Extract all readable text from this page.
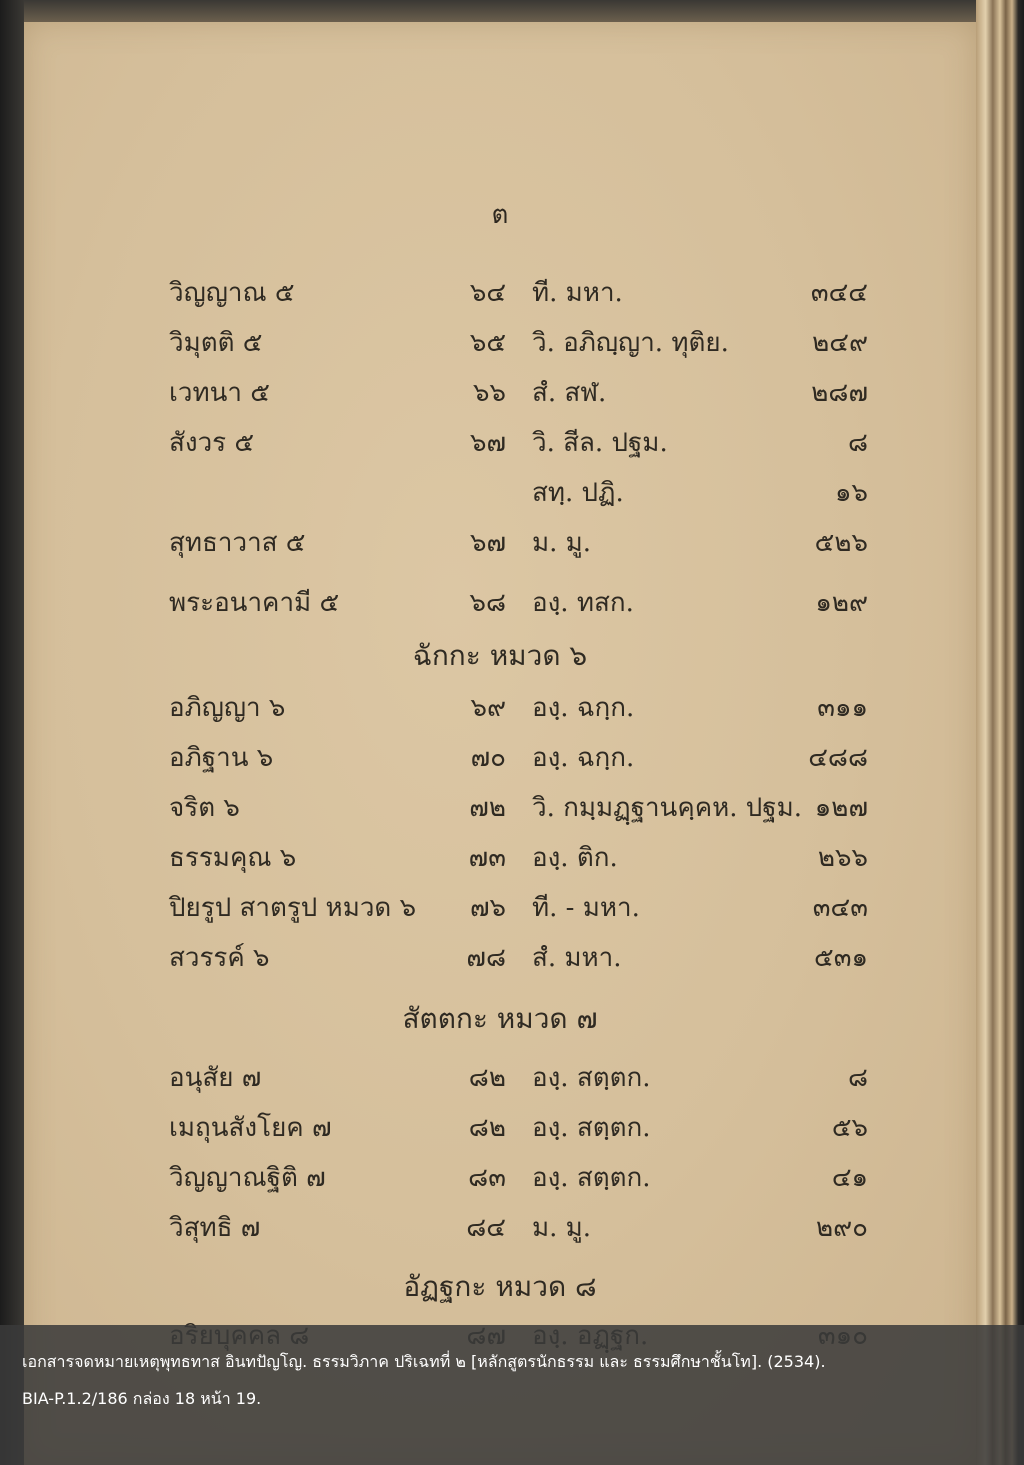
ต
วิญญาณ ๕	๖๔ ที. มหา.	๓๔๔
วิมุตติ ๕	๖๕ วิ. อภิญฺญา. ทุติย.	๒๔๙
เวทนา ๕	๖๖ สํ. สฬ.	๒๘๗
สังวร ๕	๖๗ วิ. สีล. ปฐม.	๘
สทฺ. ปฏิ.	๑๖
สุทธาวาส ๕	๖๗ ม. มู.	๕๒๖
พระอนาคามี ๕	๖๘ องฺ. ทสก.	๑๒๙
ฉักกะ หมวด ๖
อภิญญา ๖	๖๙ องฺ. ฉกฺก.	๓๑๑
อภิฐาน ๖	๗๐ องฺ. ฉกฺก.	๔๘๘
จริต ๖	๗๒ วิ. กมฺมฏฺฐานคฺคห. ปฐม. ๑๒๗
ธรรมคุณ ๖	๗๓ องฺ. ติก.	๒๖๖
ปิยรูป สาตรูป หมวด ๖	๗๖ ที. - มหา.	๓๔๓
สวรรค์ ๖	๗๘ สํ. มหา.	๕๓๑
สัตตกะ หมวด ๗
อนุสัย ๗	๘๒ องฺ. สตฺตก.	๘
เมถุนสังโยค ๗	๘๒ องฺ. สตฺตก.	๕๖
วิญญาณฐิติ ๗	๘๓ องฺ. สตฺตก.	๔๑
วิสุทธิ ๗	๘๔ ม. มู.	๒๙๐
อัฏฐกะ หมวด ๘
เอกสารจดหมายเหตุพุทธทาส อินทปัญโญ. ธรรมวิภาค ปริเฉทที่ ๒ [หลักสูตรนักธรรม และ ธรรมศึกษาชั้นโท]. (2534).
BIA-P.1.2/186 กล่อง 18 หน้า 19.
